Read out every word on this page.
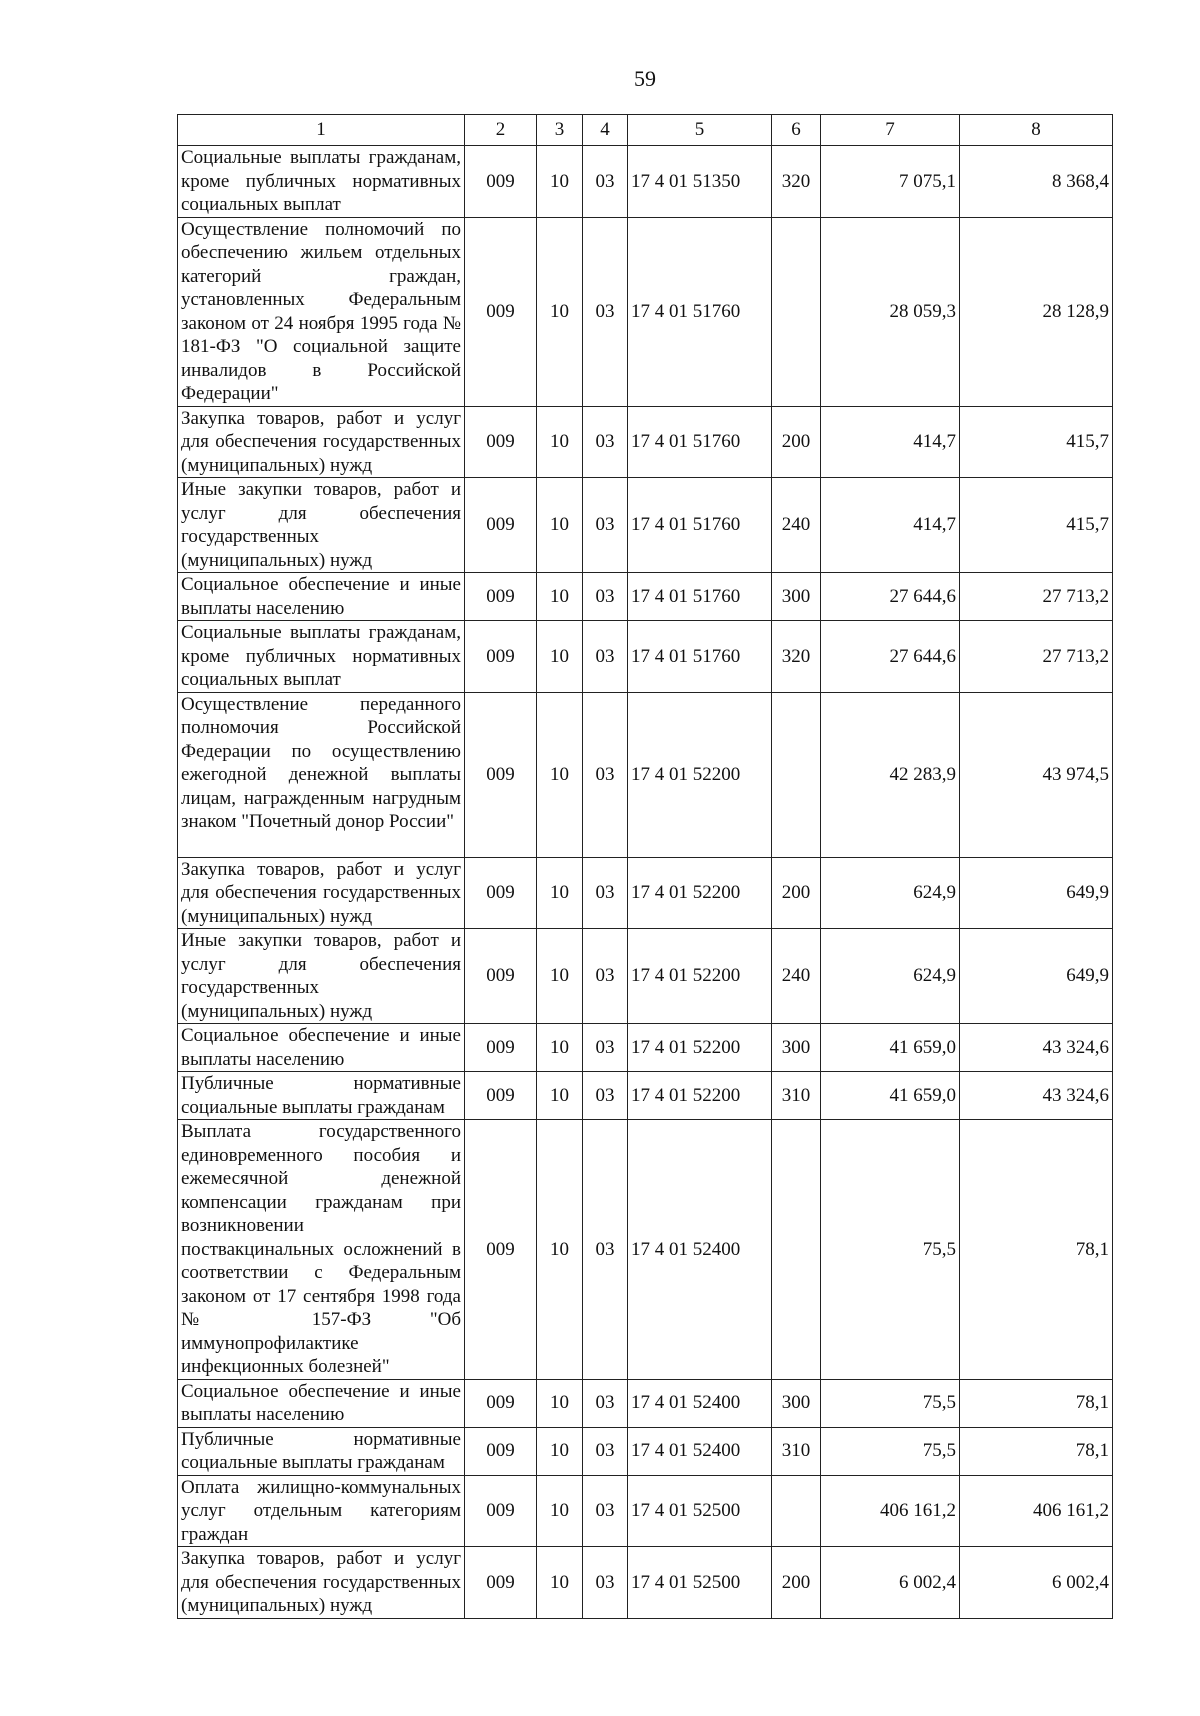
59
1	2	3	4	5	6	7	8
Социальные выплаты гражданам, кроме публичных нормативных социальных выплат	009	10	03	17 4 01 51350	320	7 075,1	8 368,4
Осуществление полномочий по обеспечению жильем отдельных категорий граждан, установленных Федеральным законом от 24 ноября 1995 года № 181-ФЗ "О социальной защите инвалидов в Российской Федерации"	009	10	03	17 4 01 51760		28 059,3	28 128,9
Закупка товаров, работ и услуг для обеспечения государственных (муниципальных) нужд	009	10	03	17 4 01 51760	200	414,7	415,7
Иные закупки товаров, работ и услуг для обеспечения государственных (муниципальных) нужд	009	10	03	17 4 01 51760	240	414,7	415,7
Социальное обеспечение и иные выплаты населению	009	10	03	17 4 01 51760	300	27 644,6	27 713,2
Социальные выплаты гражданам, кроме публичных нормативных социальных выплат	009	10	03	17 4 01 51760	320	27 644,6	27 713,2
Осуществление переданного полномочия Российской Федерации по осуществлению ежегодной денежной выплаты лицам, награжденным нагрудным знаком "Почетный донор России"	009	10	03	17 4 01 52200		42 283,9	43 974,5
Закупка товаров, работ и услуг для обеспечения государственных (муниципальных) нужд	009	10	03	17 4 01 52200	200	624,9	649,9
Иные закупки товаров, работ и услуг для обеспечения государственных (муниципальных) нужд	009	10	03	17 4 01 52200	240	624,9	649,9
Социальное обеспечение и иные выплаты населению	009	10	03	17 4 01 52200	300	41 659,0	43 324,6
Публичные нормативные социальные выплаты гражданам	009	10	03	17 4 01 52200	310	41 659,0	43 324,6
Выплата государственного единовременного пособия и ежемесячной денежной компенсации гражданам при возникновении поствакцинальных осложнений в соответствии с Федеральным законом от 17 сентября 1998 года № 157-ФЗ "Об иммунопрофилактике инфекционных болезней"	009	10	03	17 4 01 52400		75,5	78,1
Социальное обеспечение и иные выплаты населению	009	10	03	17 4 01 52400	300	75,5	78,1
Публичные нормативные социальные выплаты гражданам	009	10	03	17 4 01 52400	310	75,5	78,1
Оплата жилищно-коммунальных услуг отдельным категориям граждан	009	10	03	17 4 01 52500		406 161,2	406 161,2
Закупка товаров, работ и услуг для обеспечения государственных (муниципальных) нужд	009	10	03	17 4 01 52500	200	6 002,4	6 002,4
